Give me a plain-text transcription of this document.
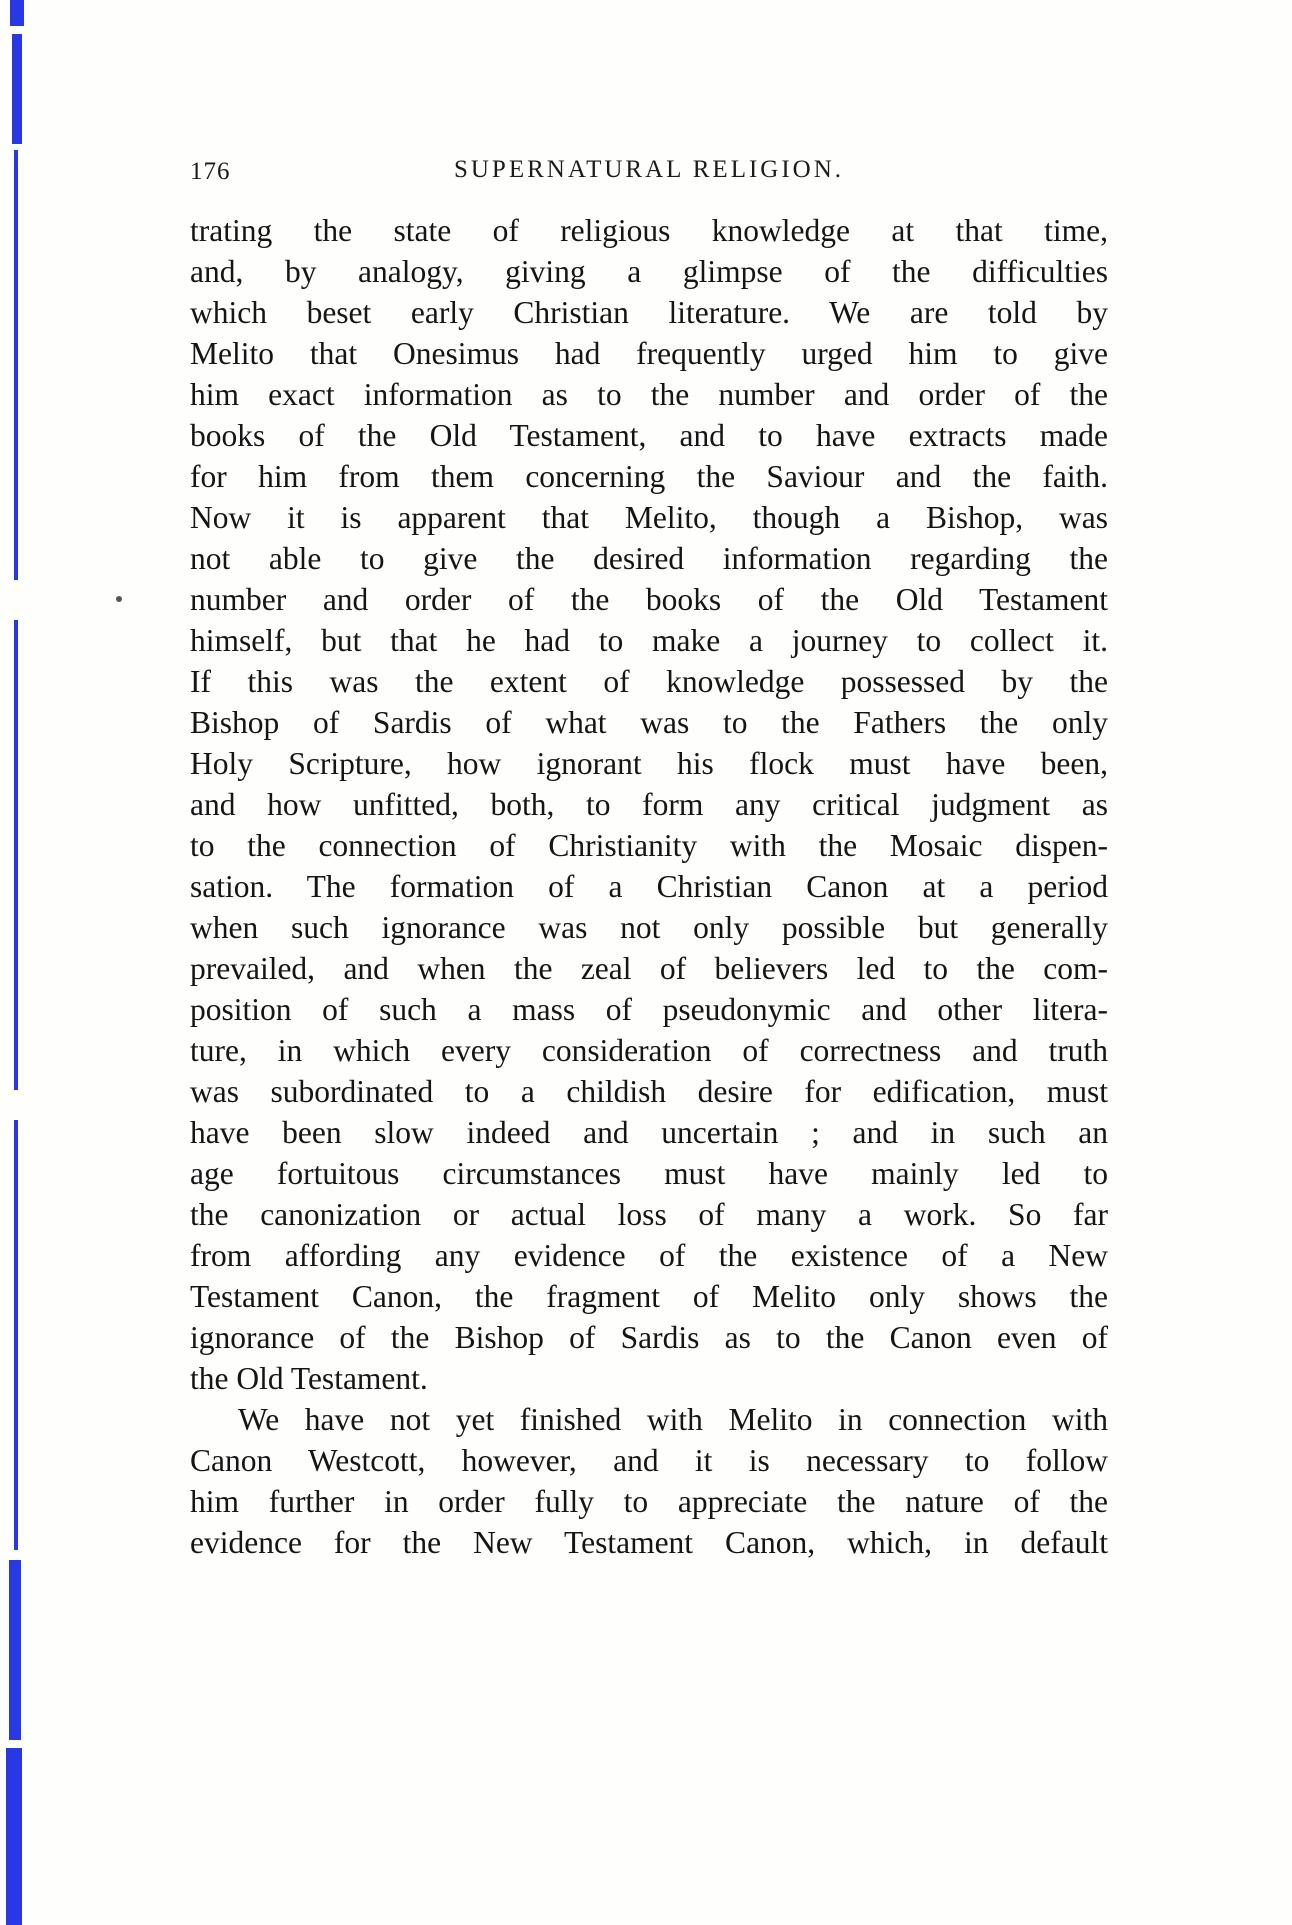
176	SUPERNATURAL RELIGION.
trating the state of religious knowledge at that time,
and, by analogy, giving a glimpse of the difficulties
which beset early Christian literature. We are told by
Melito that Onesimus had frequently urged him to give
him exact information as to the number and order of the
books of the Old Testament, and to have extracts made
for him from them concerning the Saviour and the faith.
Now it is apparent that Melito, though a Bishop, was
not able to give the desired information regarding the
number and order of the books of the Old Testament
himself, but that he had to make a journey to collect it.
If this was the extent of knowledge possessed by the
Bishop of Sardis of what was to the Fathers the only
Holy Scripture, how ignorant his flock must have been,
and how unfitted, both, to form any critical judgment as
to the connection of Christianity with the Mosaic dispen-
sation. The formation of a Christian Canon at a period
when such ignorance was not only possible but generally
prevailed, and when the zeal of believers led to the com-
position of such a mass of pseudonymic and other litera-
ture, in which every consideration of correctness and truth
was subordinated to a childish desire for edification, must
have been slow indeed and uncertain ; and in such an
age fortuitous circumstances must have mainly led to
the canonization or actual loss of many a work. So far
from affording any evidence of the existence of a New
Testament Canon, the fragment of Melito only shows the
ignorance of the Bishop of Sardis as to the Canon even of
the Old Testament.
We have not yet finished with Melito in connection with
Canon Westcott, however, and it is necessary to follow
him further in order fully to appreciate the nature of the
evidence for the New Testament Canon, which, in default
